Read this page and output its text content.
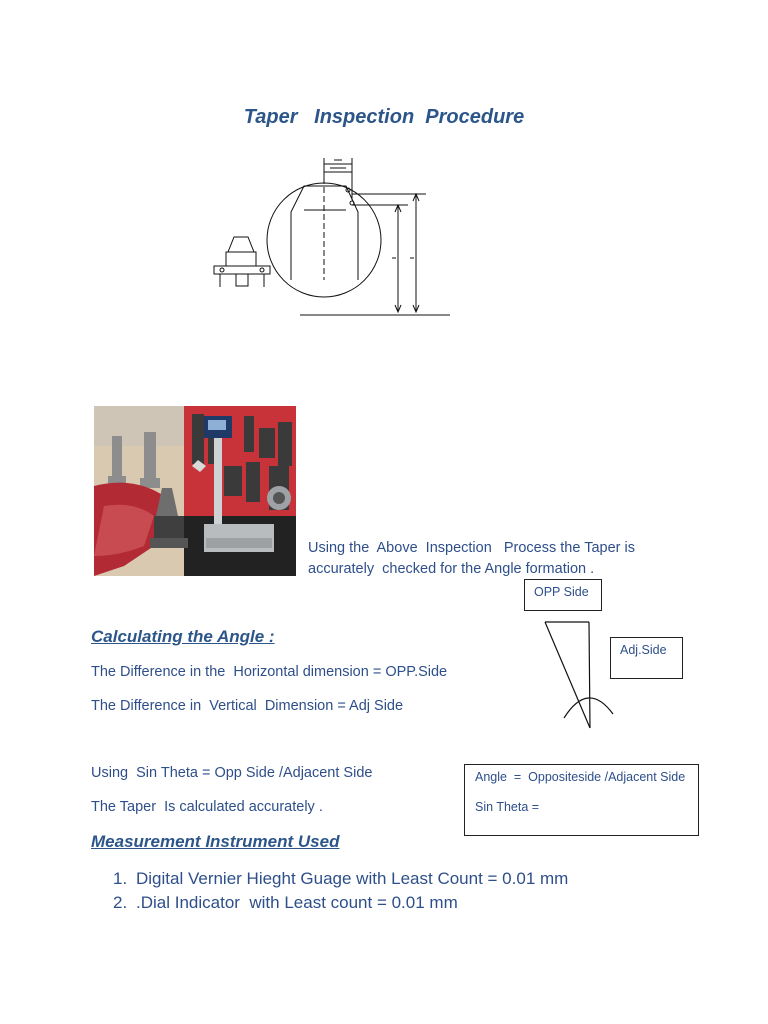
Taper   Inspection  Procedure
Using the  Above  Inspection   Process the Taper is
accurately  checked for the Angle formation .
OPP Side
Adj.Side
Calculating the Angle :
The Difference in the  Horizontal dimension = OPP.Side
The Difference in  Vertical  Dimension = Adj Side
Using  Sin Theta = Opp Side /Adjacent Side
The Taper  Is calculated accurately .
Angle  =  Oppositeside /Adjacent Side
Sin Theta =
Measurement Instrument Used
1. Digital Vernier Hieght Guage with Least Count = 0.01 mm
2. .Dial Indicator  with Least count = 0.01 mm
